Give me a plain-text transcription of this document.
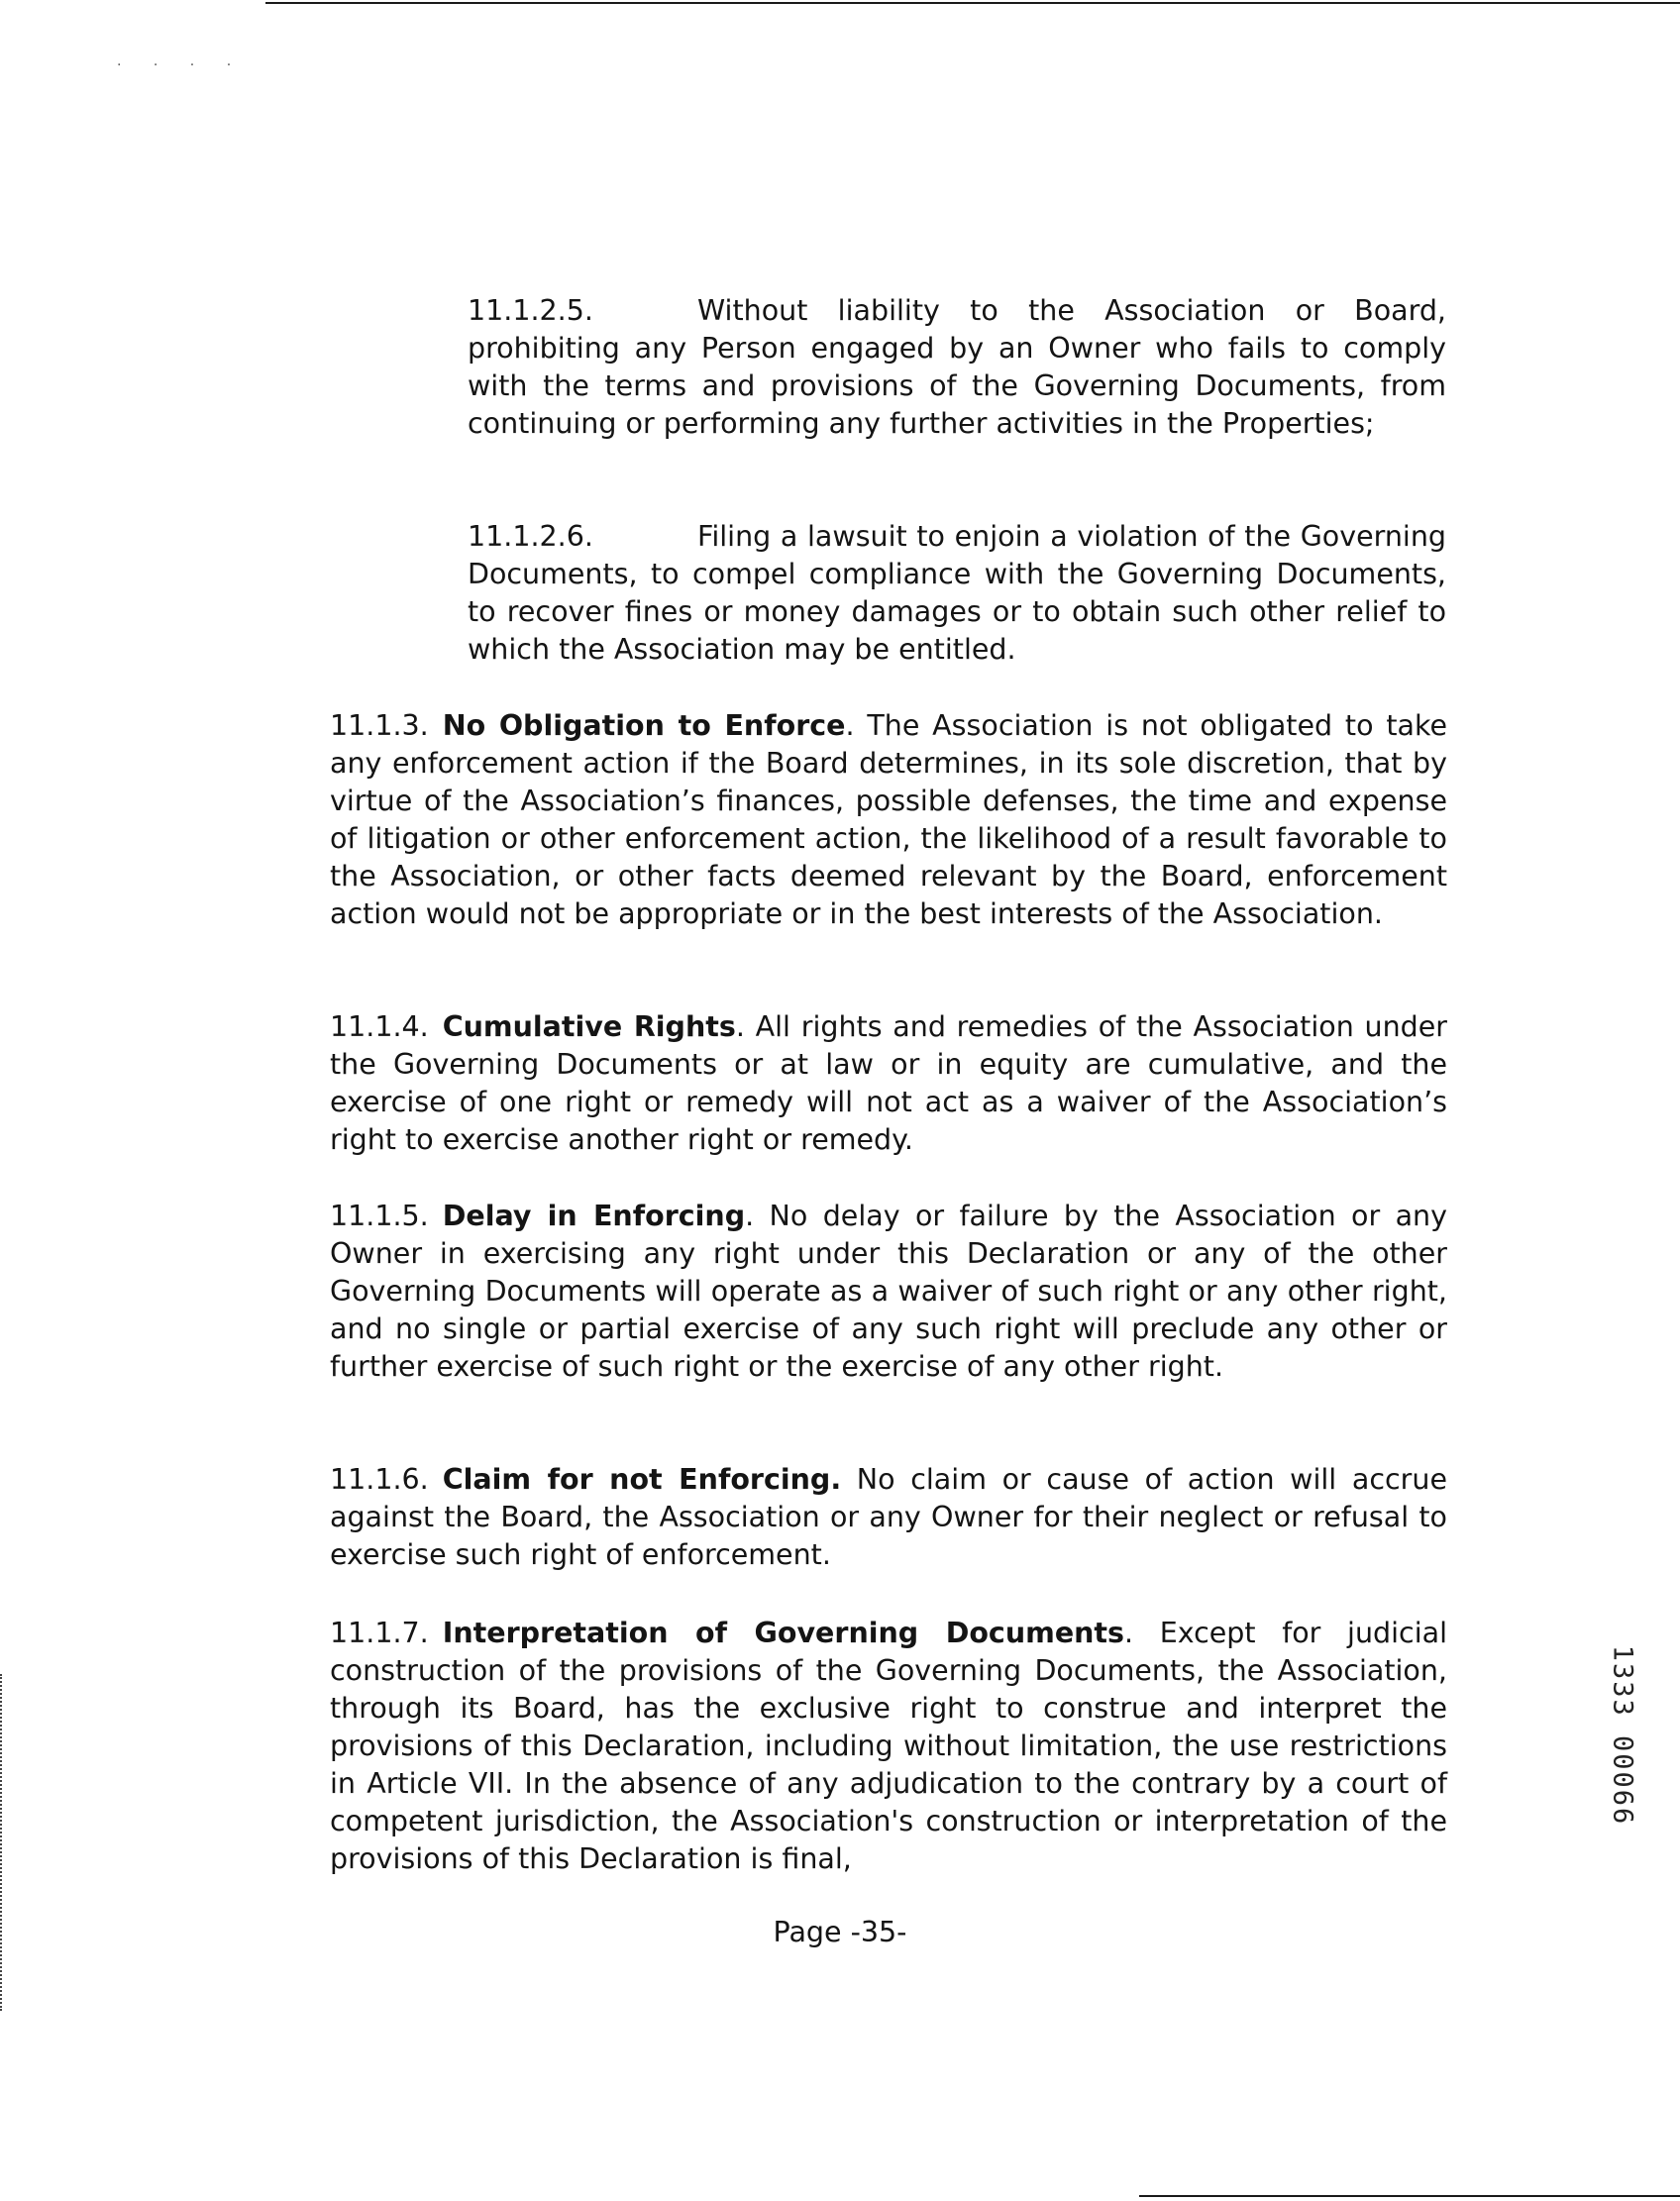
· · · ·
11.1.2.5.	Without liability to the Association or Board, prohibiting any Person engaged by an Owner who fails to comply with the terms and provisions of the Governing Documents, from continuing or performing any further activities in the Properties;
11.1.2.6.	Filing a lawsuit to enjoin a violation of the Governing Documents, to compel compliance with the Governing Documents, to recover fines or money damages or to obtain such other relief to which the Association may be entitled.
11.1.3. No Obligation to Enforce. The Association is not obligated to take any enforcement action if the Board determines, in its sole discretion, that by virtue of the Association’s finances, possible defenses, the time and expense of litigation or other enforcement action, the likelihood of a result favorable to the Association, or other facts deemed relevant by the Board, enforcement action would not be appropriate or in the best interests of the Association.
11.1.4. Cumulative Rights. All rights and remedies of the Association under the Governing Documents or at law or in equity are cumulative, and the exercise of one right or remedy will not act as a waiver of the Association’s right to exercise another right or remedy.
11.1.5. Delay in Enforcing. No delay or failure by the Association or any Owner in exercising any right under this Declaration or any of the other Governing Documents will operate as a waiver of such right or any other right, and no single or partial exercise of any such right will preclude any other or further exercise of such right or the exercise of any other right.
11.1.6. Claim for not Enforcing. No claim or cause of action will accrue against the Board, the Association or any Owner for their neglect or refusal to exercise such right of enforcement.
11.1.7. Interpretation of Governing Documents. Except for judicial construction of the provisions of the Governing Documents, the Association, through its Board, has the exclusive right to construe and interpret the provisions of this Declaration, including without limitation, the use restrictions in Article VII. In the absence of any adjudication to the contrary by a court of competent jurisdiction, the Association's construction or interpretation of the provisions of this Declaration is final,
Page -35-
1333 00066
